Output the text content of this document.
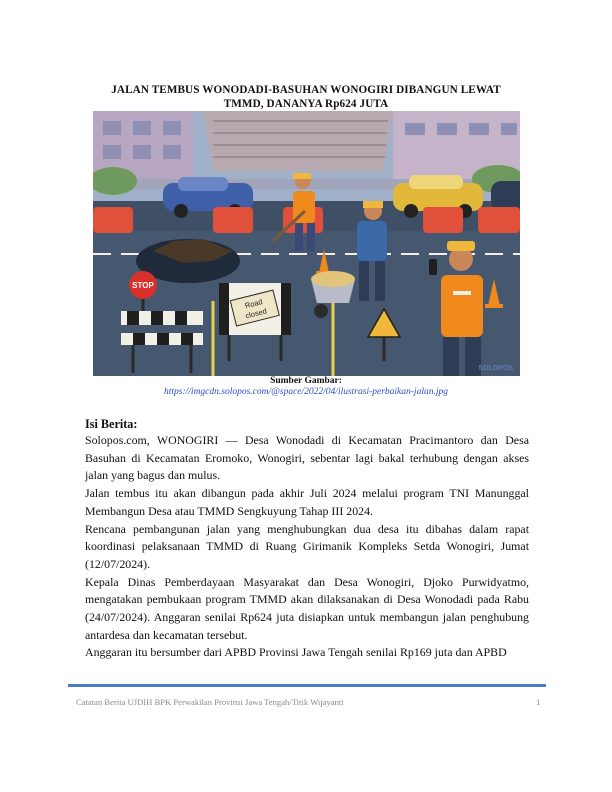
JALAN TEMBUS WONODADI-BASUHAN WONOGIRI DIBANGUN LEWAT
TMMD, DANANYA Rp624 JUTA
STOP
Road
closed
SOLOPOS
Sumber Gambar:
https://imgcdn.solopos.com/@space/2022/04/ilustrasi-perbaikan-jalan.jpg
Isi Berita:

Solopos.com, WONOGIRI — Desa Wonodadi di Kecamatan Pracimantoro dan Desa Basuhan di Kecamatan Eromoko, Wonogiri, sebentar lagi bakal terhubung dengan akses jalan yang bagus dan mulus.

Jalan tembus itu akan dibangun pada akhir Juli 2024 melalui program TNI Manunggal Membangun Desa atau TMMD Sengkuyung Tahap III 2024.

Rencana pembangunan jalan yang menghubungkan dua desa itu dibahas dalam rapat koordinasi pelaksanaan TMMD di Ruang Girimanik Kompleks Setda Wonogiri, Jumat (12/07/2024).

Kepala Dinas Pemberdayaan Masyarakat dan Desa Wonogiri, Djoko Purwidyatmo, mengatakan pembukaan program TMMD akan dilaksanakan di Desa Wonodadi pada Rabu (24/07/2024). Anggaran senilai Rp624 juta disiapkan untuk membangun jalan penghubung antardesa dan kecamatan tersebut.

Anggaran itu bersumber dari APBD Provinsi Jawa Tengah senilai Rp169 juta dan APBD

Catatan Berita UJDIH BPK Perwakilan Provinsi Jawa Tengah/Titik Wijayanti	1
